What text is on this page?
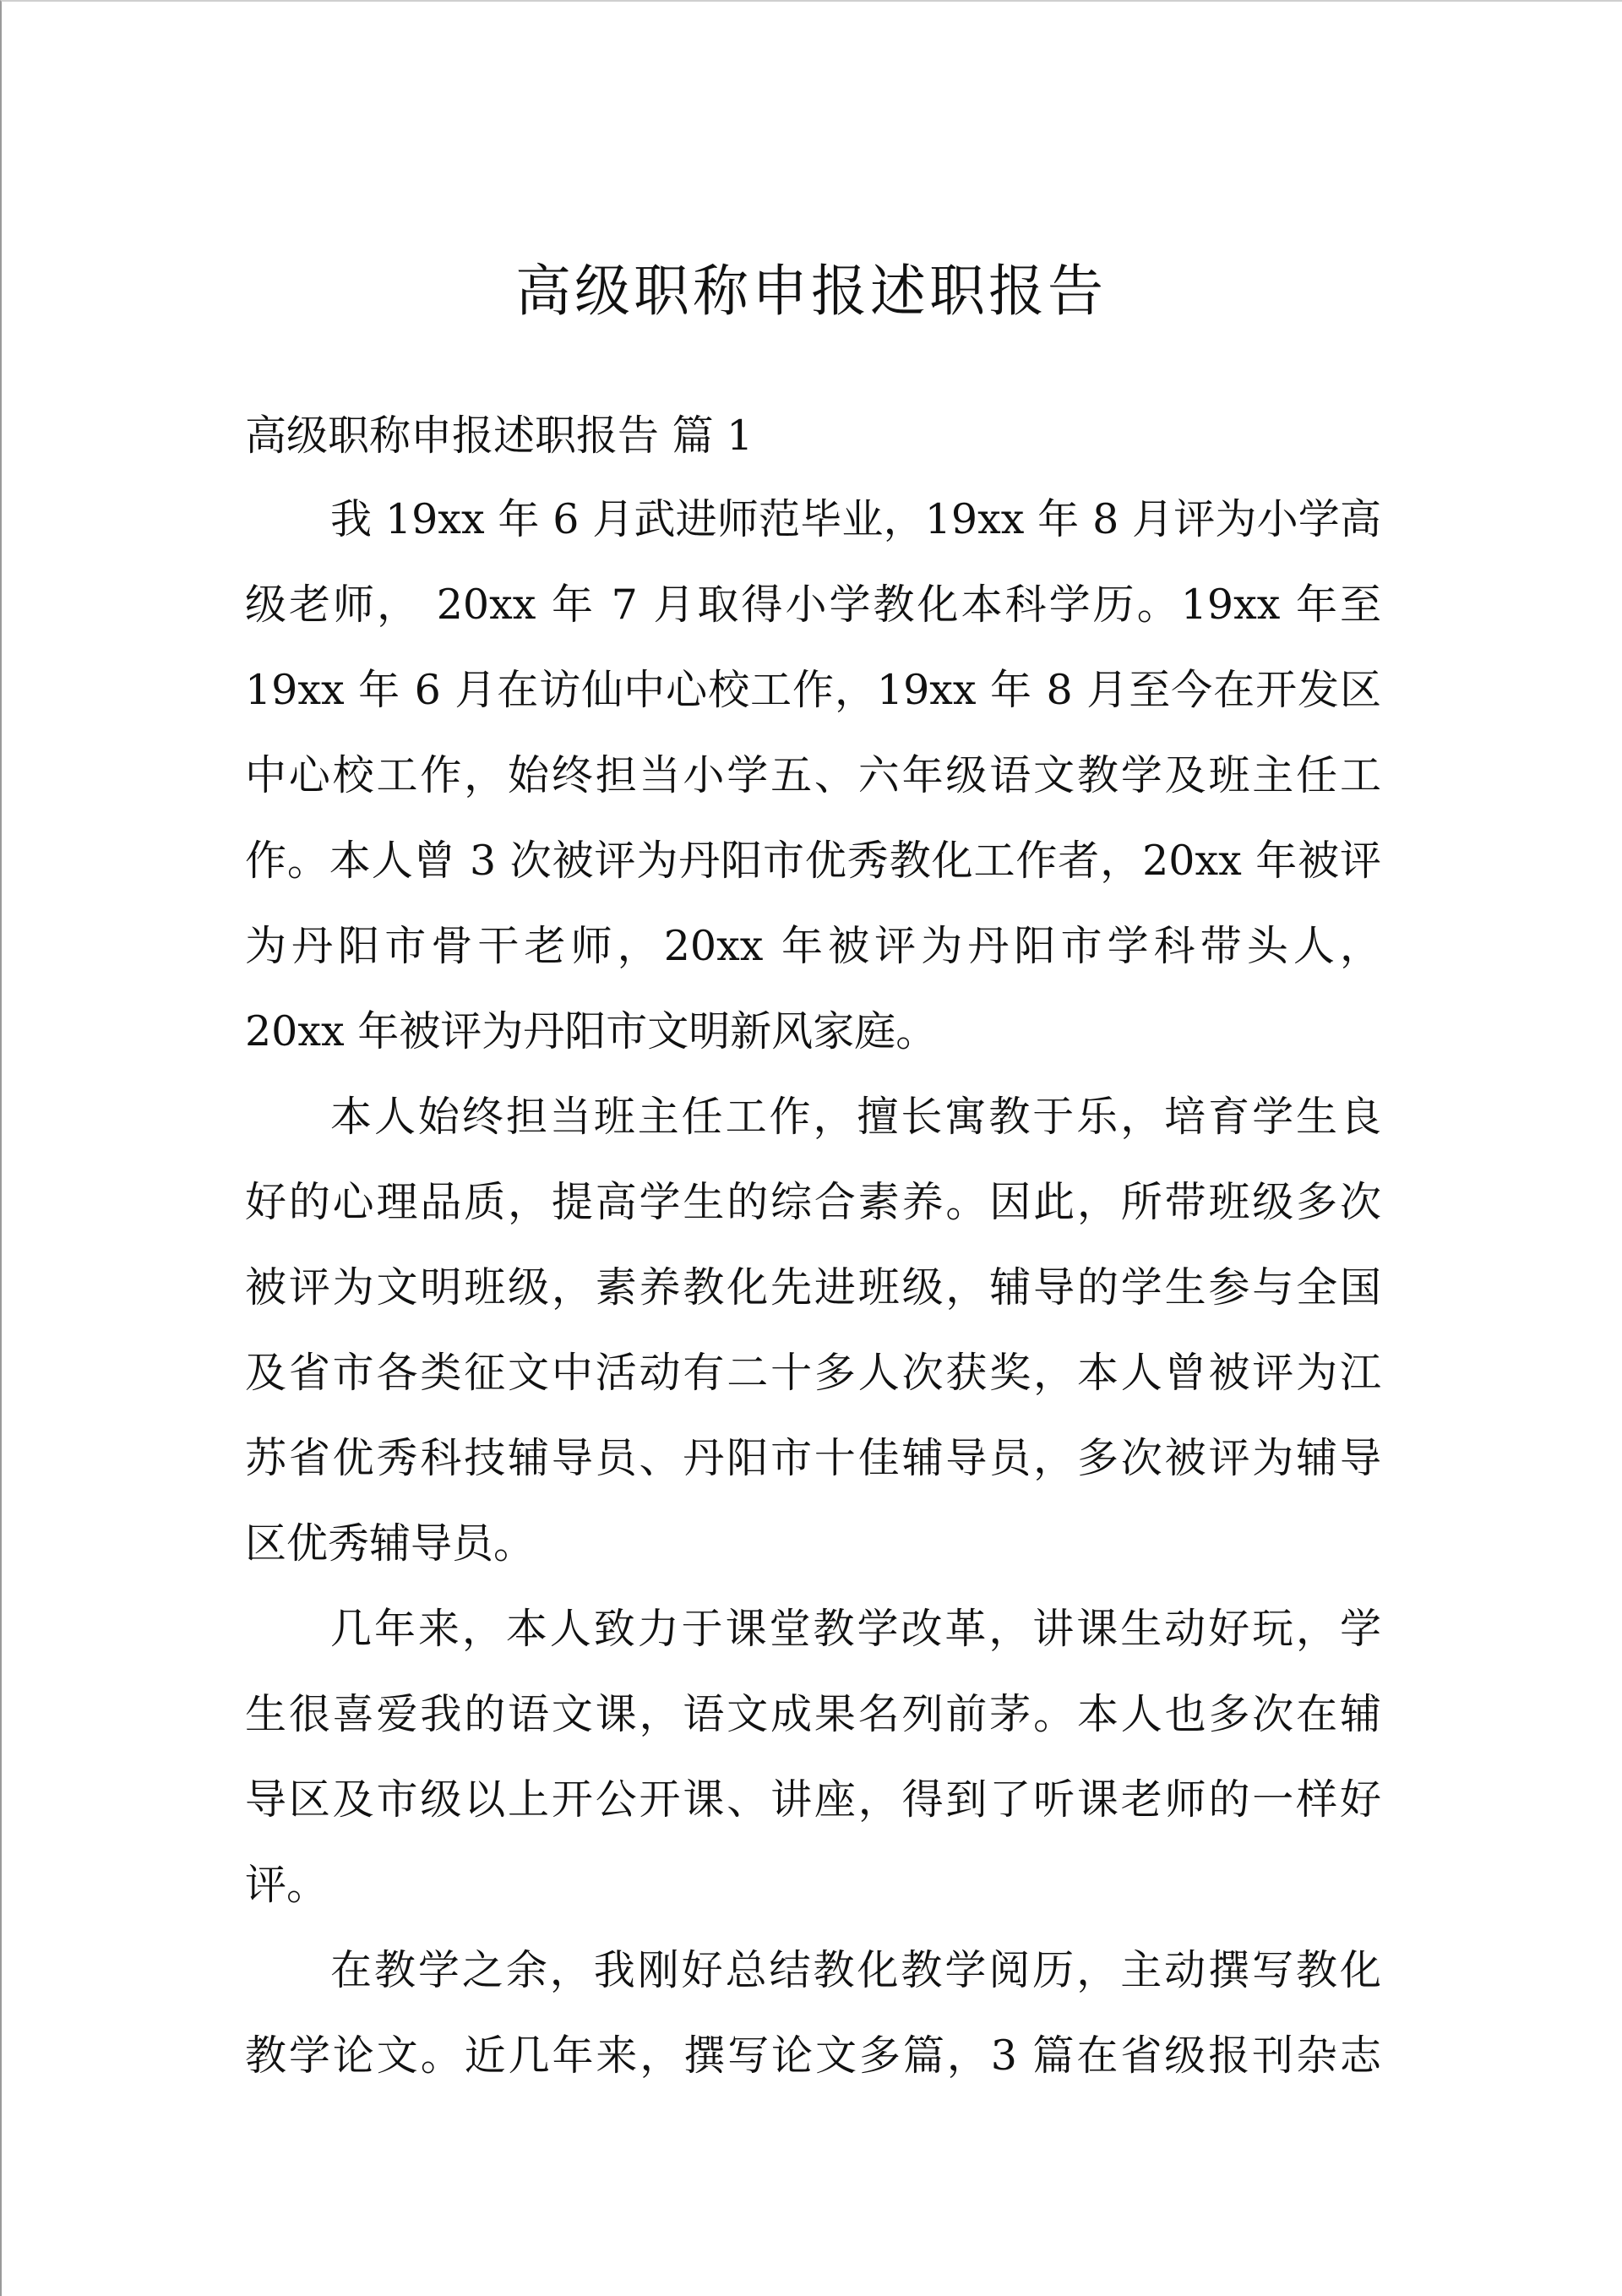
高级职称申报述职报告

高级职称申报述职报告 篇 1

我 19xx 年 6 月武进师范毕业，19xx 年 8 月评为小学高
级老师， 20xx 年 7 月取得小学教化本科学历。19xx 年至
19xx 年 6 月在访仙中心校工作，19xx 年 8 月至今在开发区
中心校工作，始终担当小学五、六年级语文教学及班主任工
作。本人曾 3 次被评为丹阳市优秀教化工作者，20xx 年被评
为丹阳市骨干老师，20xx 年被评为丹阳市学科带头人，
20xx 年被评为丹阳市文明新风家庭。
本人始终担当班主任工作，擅长寓教于乐，培育学生良
好的心理品质，提高学生的综合素养。因此，所带班级多次
被评为文明班级，素养教化先进班级，辅导的学生参与全国
及省市各类征文中活动有二十多人次获奖，本人曾被评为江
苏省优秀科技辅导员、丹阳市十佳辅导员，多次被评为辅导
区优秀辅导员。
几年来，本人致力于课堂教学改革，讲课生动好玩，学
生很喜爱我的语文课，语文成果名列前茅。本人也多次在辅
导区及市级以上开公开课、讲座，得到了听课老师的一样好
评。
在教学之余，我刚好总结教化教学阅历，主动撰写教化
教学论文。近几年来，撰写论文多篇，3 篇在省级报刊杂志
